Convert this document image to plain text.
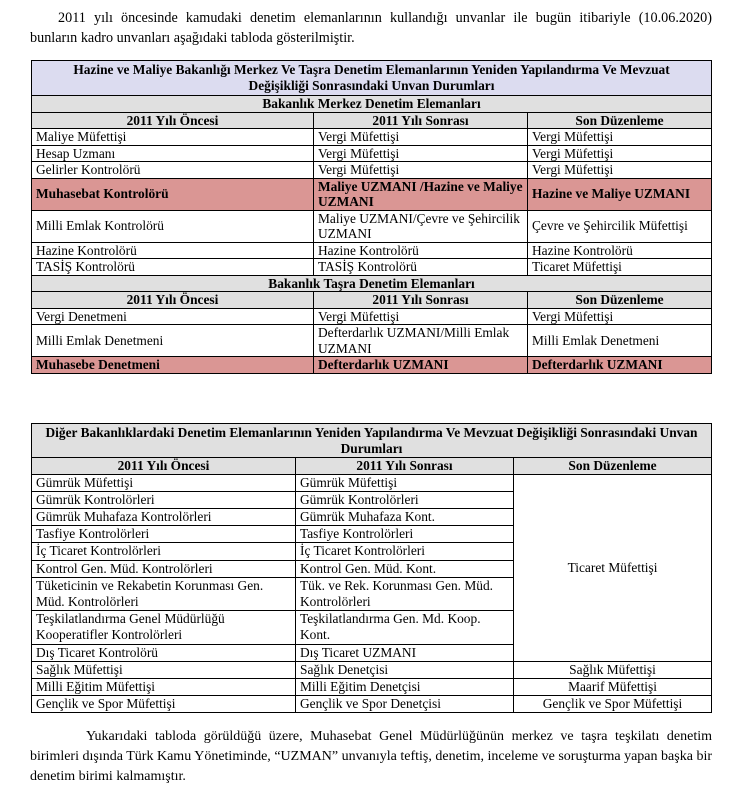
2011 yılı öncesinde kamudaki denetim elemanlarının kullandığı unvanlar ile bugün itibariyle (10.06.2020) bunların kadro unvanları aşağıdaki tabloda gösterilmiştir.
Hazine ve Maliye Bakanlığı Merkez Ve Taşra Denetim Elemanlarının Yeniden Yapılandırma Ve Mevzuat Değişikliği Sonrasındaki Unvan Durumları		
Bakanlık Merkez Denetim Elemanları		
2011 Yılı Öncesi	2011 Yılı Sonrası	Son Düzenleme
Maliye Müfettişi	Vergi Müfettişi	Vergi Müfettişi
Hesap Uzmanı	Vergi Müfettişi	Vergi Müfettişi
Gelirler Kontrolörü	Vergi Müfettişi	Vergi Müfettişi
Muhasebat Kontrolörü	Maliye UZMANI /Hazine ve Maliye UZMANI	Hazine ve Maliye UZMANI
Milli Emlak Kontrolörü	Maliye UZMANI/Çevre ve Şehircilik UZMANI	Çevre ve Şehircilik Müfettişi
Hazine Kontrolörü	Hazine Kontrolörü	Hazine Kontrolörü
TASİŞ Kontrolörü	TASİŞ Kontrolörü	Ticaret Müfettişi
Bakanlık Taşra Denetim Elemanları		
2011 Yılı Öncesi	2011 Yılı Sonrası	Son Düzenleme
Vergi Denetmeni	Vergi Müfettişi	Vergi Müfettişi
Milli Emlak Denetmeni	Defterdarlık UZMANI/Milli Emlak UZMANI	Milli Emlak Denetmeni
Muhasebe Denetmeni	Defterdarlık UZMANI	Defterdarlık UZMANI
Diğer Bakanlıklardaki Denetim Elemanlarının Yeniden Yapılandırma Ve Mevzuat Değişikliği Sonrasındaki Unvan Durumları		
2011 Yılı Öncesi	2011 Yılı Sonrası	Son Düzenleme
Gümrük Müfettişi	Gümrük Müfettişi	Ticaret Müfettişi
Gümrük Kontrolörleri	Gümrük Kontrolörleri	
Gümrük Muhafaza Kontrolörleri	Gümrük Muhafaza Kont.	
Tasfiye Kontrolörleri	Tasfiye Kontrolörleri	
İç Ticaret Kontrolörleri	İç Ticaret Kontrolörleri	
Kontrol Gen. Müd. Kontrolörleri	Kontrol Gen. Müd. Kont.	
Tüketicinin ve Rekabetin Korunması Gen. Müd. Kontrolörleri	Tük. ve Rek. Korunması Gen. Müd. Kontrolörleri	
Teşkilatlandırma Genel Müdürlüğü Kooperatifler Kontrolörleri	Teşkilatlandırma Gen. Md. Koop. Kont.	
Dış Ticaret Kontrolörü	Dış Ticaret UZMANI	
Sağlık Müfettişi	Sağlık Denetçisi	Sağlık Müfettişi
Milli Eğitim Müfettişi	Milli Eğitim Denetçisi	Maarif Müfettişi
Gençlik ve Spor Müfettişi	Gençlik ve Spor Denetçisi	Gençlik ve Spor Müfettişi
Yukarıdaki tabloda görüldüğü üzere, Muhasebat Genel Müdürlüğünün merkez ve taşra teşkilatı denetim birimleri dışında Türk Kamu Yönetiminde, “UZMAN” unvanıyla teftiş, denetim, inceleme ve soruşturma yapan başka bir denetim birimi kalmamıştır.
